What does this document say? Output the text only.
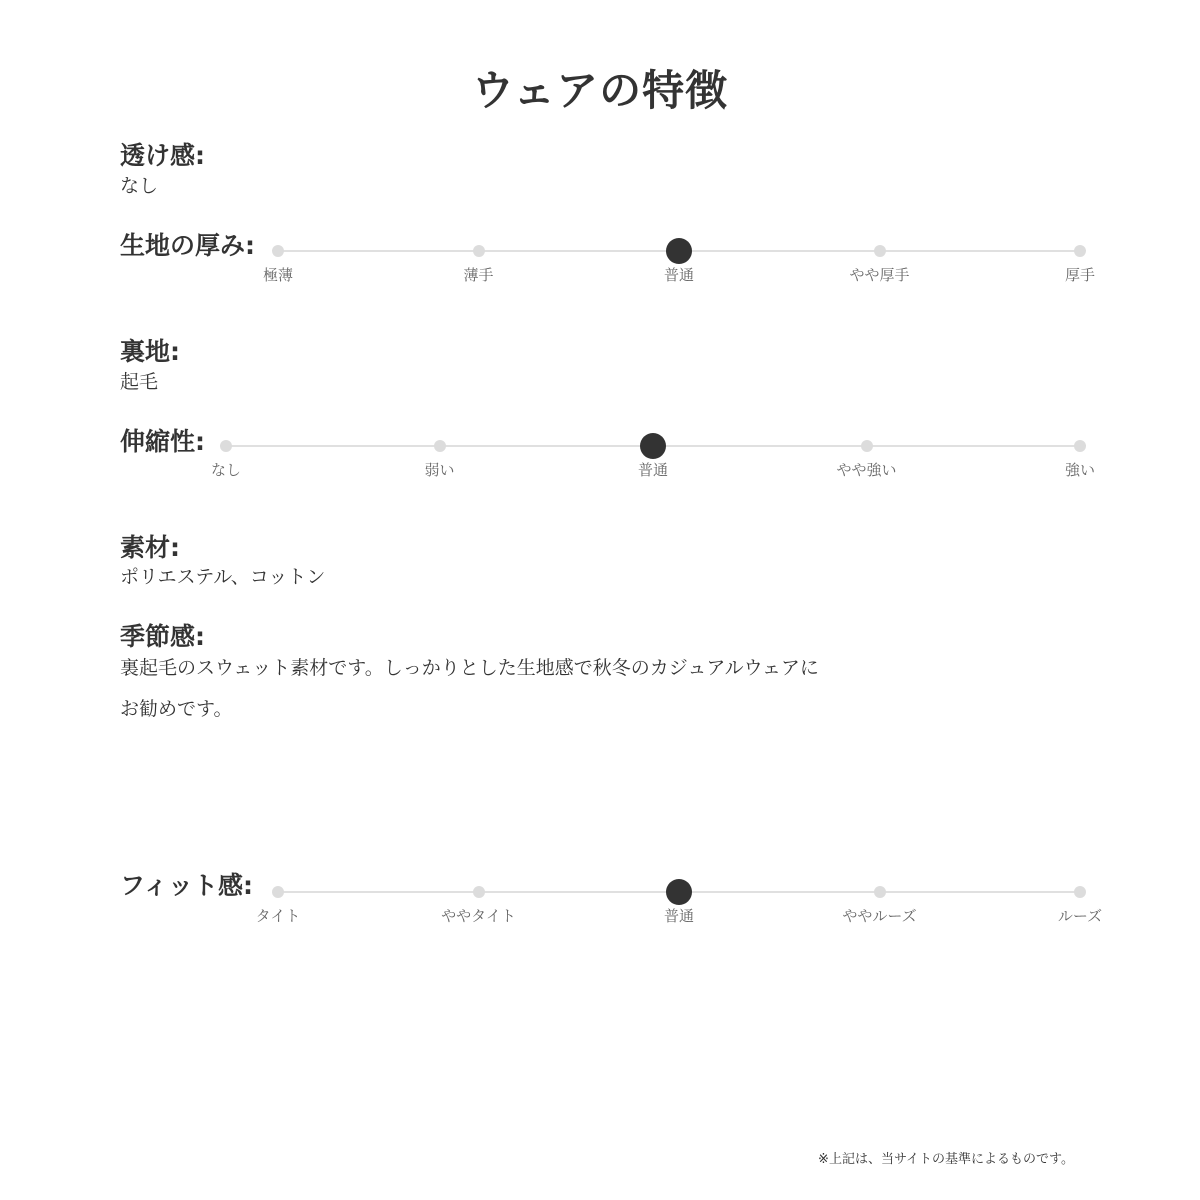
ウェアの特徴
透け感:
なし
生地の厚み:
極薄	薄手	普通	やや厚手	厚手
裏地:
起毛
伸縮性:
なし	弱い	普通	やや強い	強い
素材:
ポリエステル、コットン
季節感:
裏起毛のスウェット素材です。しっかりとした生地感で秋冬のカジュアルウェアに
お勧めです。
フィット感:
タイト	ややタイト	普通	ややルーズ	ルーズ
※上記は、当サイトの基準によるものです。
